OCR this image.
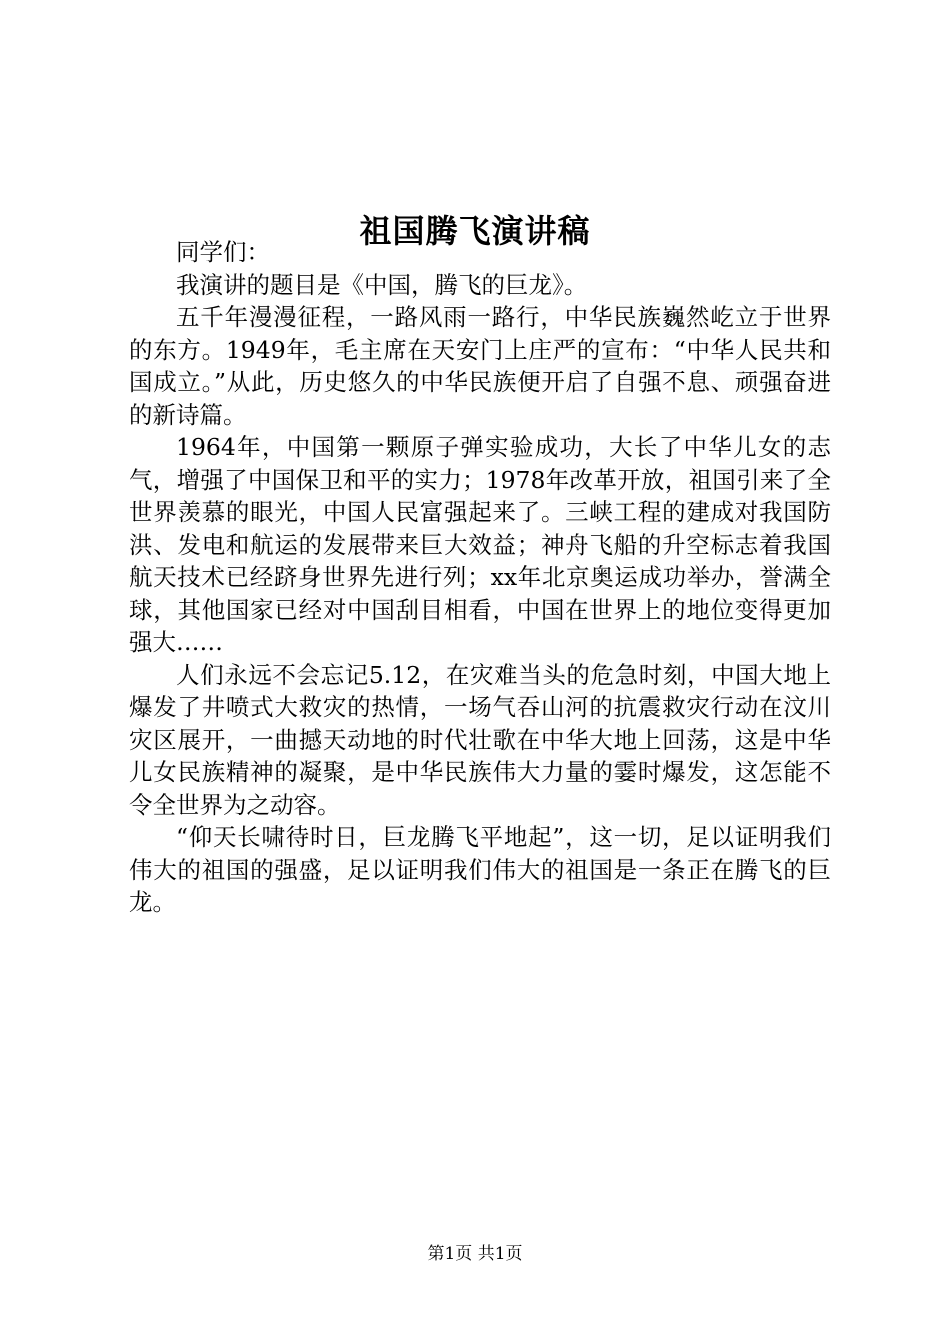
祖国腾飞演讲稿

同学们：

我演讲的题目是《中国，腾飞的巨龙》。

五千年漫漫征程，一路风雨一路行，中华民族巍然屹立于世界的东方。1949年，毛主席在天安门上庄严的宣布：“中华人民共和国成立。”从此，历史悠久的中华民族便开启了自强不息、顽强奋进的新诗篇。

1964年，中国第一颗原子弹实验成功，大长了中华儿女的志气，增强了中国保卫和平的实力；1978年改革开放，祖国引来了全世界羡慕的眼光，中国人民富强起来了。三峡工程的建成对我国防洪、发电和航运的发展带来巨大效益；神舟飞船的升空标志着我国航天技术已经跻身世界先进行列；xx年北京奥运成功举办，誉满全球，其他国家已经对中国刮目相看，中国在世界上的地位变得更加强大……

人们永远不会忘记5.12，在灾难当头的危急时刻，中国大地上爆发了井喷式大救灾的热情，一场气吞山河的抗震救灾行动在汶川灾区展开，一曲撼天动地的时代壮歌在中华大地上回荡，这是中华儿女民族精神的凝聚，是中华民族伟大力量的霎时爆发，这怎能不令全世界为之动容。

“仰天长啸待时日，巨龙腾飞平地起”，这一切，足以证明我们伟大的祖国的强盛，足以证明我们伟大的祖国是一条正在腾飞的巨龙。

第1页 共1页
